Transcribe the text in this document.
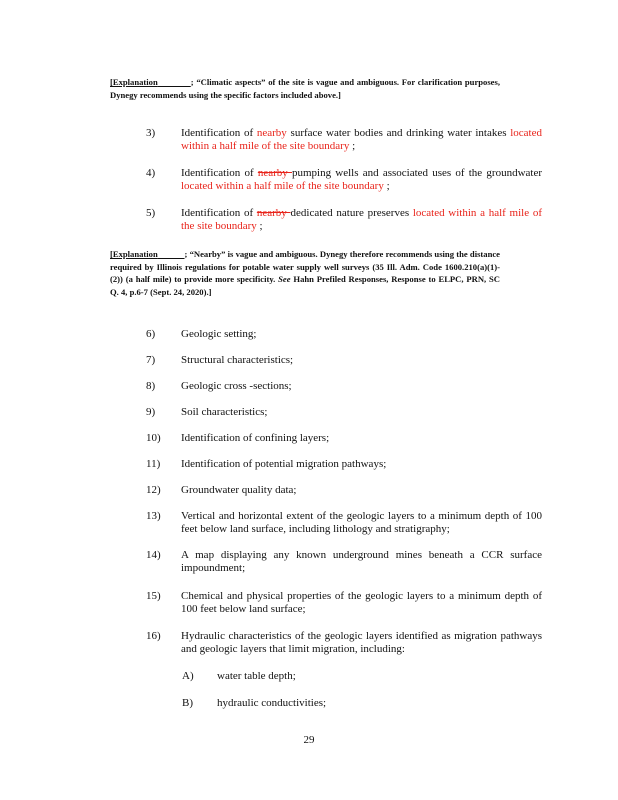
[Explanation	; “Climatic aspects” of the site is vague and ambiguous. For clarification purposes, Dynegy recommends using the specific factors included above.]
3)	Identification of nearby surface water bodies and drinking water intakes located within a half mile of the site boundary ;
4)	Identification of nearby pumping wells and associated uses of the groundwater located within a half mile of the site boundary ;
5)	Identification of nearby dedicated nature preserves located within a half mile of the site boundary ;
[Explanation	; “Nearby” is vague and ambiguous. Dynegy therefore recommends using the distance required by Illinois regulations for potable water supply well surveys (35 Ill. Adm. Code 1600.210(a)(1)-(2)) (a half mile) to provide more specificity. See Hahn Prefiled Responses, Response to ELPC, PRN, SC Q. 4, p.6-7 (Sept. 24, 2020).]
6)	Geologic setting;
7)	Structural characteristics;
8)	Geologic cross -sections;
9)	Soil characteristics;
10)	Identification of confining layers;
11)	Identification of potential migration pathways;
12)	Groundwater quality data;
13)	Vertical and horizontal extent of the geologic layers to a minimum depth of 100 feet below land surface, including lithology and stratigraphy;
14)	A map displaying any known underground mines beneath a CCR surface impoundment;
15)	Chemical and physical properties of the geologic layers to a minimum depth of 100 feet below land surface;
16)	Hydraulic characteristics of the geologic layers identified as migration pathways and geologic layers that limit migration, including:
A) water table depth;
B) hydraulic conductivities;
29
